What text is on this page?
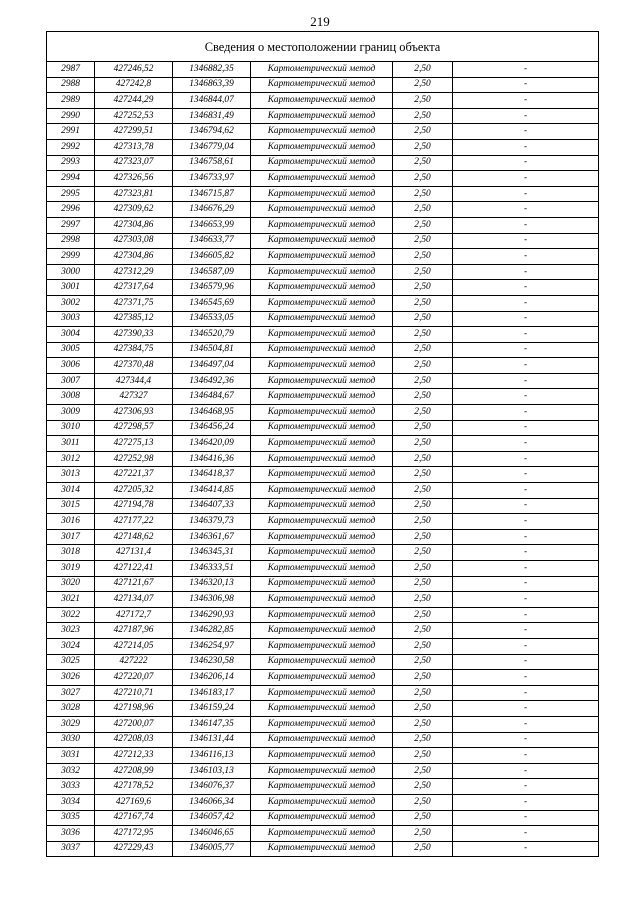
219
Сведения о местоположении границ объекта					
2987	427246,52	1346882,35	Картометрический метод	2,50	-
2988	427242,8	1346863,39	Картометрический метод	2,50	-
2989	427244,29	1346844,07	Картометрический метод	2,50	-
2990	427252,53	1346831,49	Картометрический метод	2,50	-
2991	427299,51	1346794,62	Картометрический метод	2,50	-
2992	427313,78	1346779,04	Картометрический метод	2,50	-
2993	427323,07	1346758,61	Картометрический метод	2,50	-
2994	427326,56	1346733,97	Картометрический метод	2,50	-
2995	427323,81	1346715,87	Картометрический метод	2,50	-
2996	427309,62	1346676,29	Картометрический метод	2,50	-
2997	427304,86	1346653,99	Картометрический метод	2,50	-
2998	427303,08	1346633,77	Картометрический метод	2,50	-
2999	427304,86	1346605,82	Картометрический метод	2,50	-
3000	427312,29	1346587,09	Картометрический метод	2,50	-
3001	427317,64	1346579,96	Картометрический метод	2,50	-
3002	427371,75	1346545,69	Картометрический метод	2,50	-
3003	427385,12	1346533,05	Картометрический метод	2,50	-
3004	427390,33	1346520,79	Картометрический метод	2,50	-
3005	427384,75	1346504,81	Картометрический метод	2,50	-
3006	427370,48	1346497,04	Картометрический метод	2,50	-
3007	427344,4	1346492,36	Картометрический метод	2,50	-
3008	427327	1346484,67	Картометрический метод	2,50	-
3009	427306,93	1346468,95	Картометрический метод	2,50	-
3010	427298,57	1346456,24	Картометрический метод	2,50	-
3011	427275,13	1346420,09	Картометрический метод	2,50	-
3012	427252,98	1346416,36	Картометрический метод	2,50	-
3013	427221,37	1346418,37	Картометрический метод	2,50	-
3014	427205,32	1346414,85	Картометрический метод	2,50	-
3015	427194,78	1346407,33	Картометрический метод	2,50	-
3016	427177,22	1346379,73	Картометрический метод	2,50	-
3017	427148,62	1346361,67	Картометрический метод	2,50	-
3018	427131,4	1346345,31	Картометрический метод	2,50	-
3019	427122,41	1346333,51	Картометрический метод	2,50	-
3020	427121,67	1346320,13	Картометрический метод	2,50	-
3021	427134,07	1346306,98	Картометрический метод	2,50	-
3022	427172,7	1346290,93	Картометрический метод	2,50	-
3023	427187,96	1346282,85	Картометрический метод	2,50	-
3024	427214,05	1346254,97	Картометрический метод	2,50	-
3025	427222	1346230,58	Картометрический метод	2,50	-
3026	427220,07	1346206,14	Картометрический метод	2,50	-
3027	427210,71	1346183,17	Картометрический метод	2,50	-
3028	427198,96	1346159,24	Картометрический метод	2,50	-
3029	427200,07	1346147,35	Картометрический метод	2,50	-
3030	427208,03	1346131,44	Картометрический метод	2,50	-
3031	427212,33	1346116,13	Картометрический метод	2,50	-
3032	427208,99	1346103,13	Картометрический метод	2,50	-
3033	427178,52	1346076,37	Картометрический метод	2,50	-
3034	427169,6	1346066,34	Картометрический метод	2,50	-
3035	427167,74	1346057,42	Картометрический метод	2,50	-
3036	427172,95	1346046,65	Картометрический метод	2,50	-
3037	427229,43	1346005,77	Картометрический метод	2,50	-
